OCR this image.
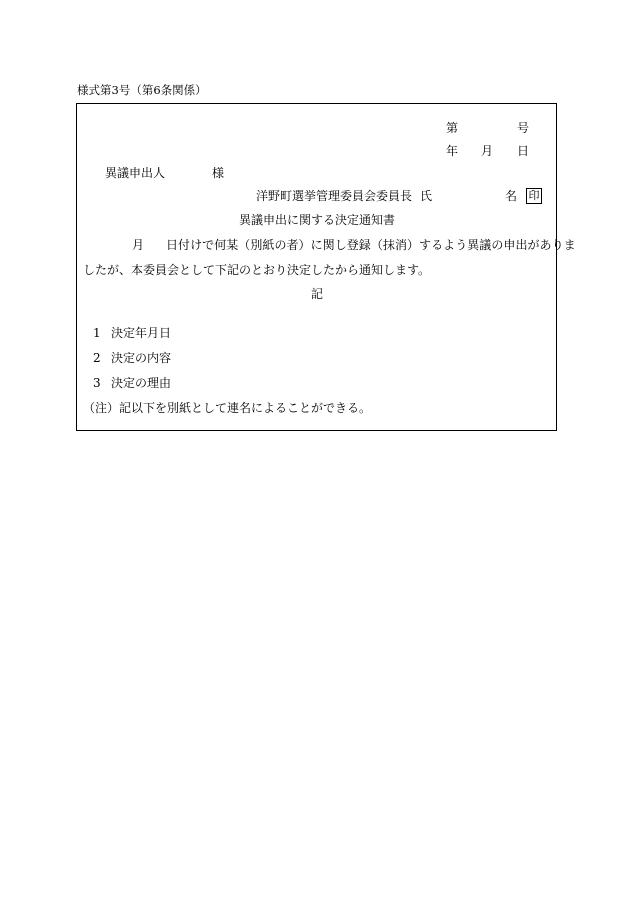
様式第3号（第6条関係）
第	号
年 月 日
異議申出人	様
洋野町選挙管理委員会委員長 氏	名 印
異議申出に関する決定通知書
月 日付けで何某（別紙の者）に関し登録（抹消）するよう異議の申出がありま
したが、本委員会として下記のとおり決定したから通知します。
記
1 決定年月日
2 決定の内容
3 決定の理由
（注）記以下を別紙として連名によることができる。
